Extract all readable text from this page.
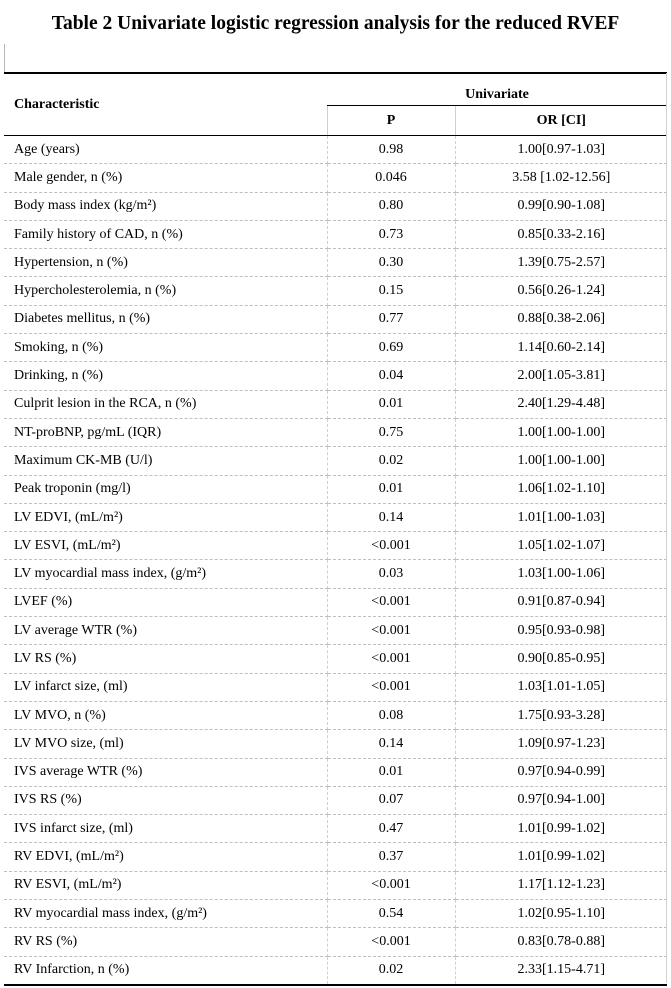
Table 2 Univariate logistic regression analysis for the reduced RVEF
Characteristic	Univariate	
	P	OR [CI]
Age (years)	0.98	1.00[0.97-1.03]
Male gender, n (%)	0.046	3.58 [1.02-12.56]
Body mass index (kg/m²)	0.80	0.99[0.90-1.08]
Family history of CAD, n (%)	0.73	0.85[0.33-2.16]
Hypertension, n (%)	0.30	1.39[0.75-2.57]
Hypercholesterolemia, n (%)	0.15	0.56[0.26-1.24]
Diabetes mellitus, n (%)	0.77	0.88[0.38-2.06]
Smoking, n (%)	0.69	1.14[0.60-2.14]
Drinking, n (%)	0.04	2.00[1.05-3.81]
Culprit lesion in the RCA, n (%)	0.01	2.40[1.29-4.48]
NT-proBNP, pg/mL (IQR)	0.75	1.00[1.00-1.00]
Maximum CK-MB (U/l)	0.02	1.00[1.00-1.00]
Peak troponin (mg/l)	0.01	1.06[1.02-1.10]
LV EDVI, (mL/m²)	0.14	1.01[1.00-1.03]
LV ESVI, (mL/m²)	<0.001	1.05[1.02-1.07]
LV myocardial mass index, (g/m²)	0.03	1.03[1.00-1.06]
LVEF (%)	<0.001	0.91[0.87-0.94]
LV average WTR (%)	<0.001	0.95[0.93-0.98]
LV RS (%)	<0.001	0.90[0.85-0.95]
LV infarct size, (ml)	<0.001	1.03[1.01-1.05]
LV MVO, n (%)	0.08	1.75[0.93-3.28]
LV MVO size, (ml)	0.14	1.09[0.97-1.23]
IVS average WTR (%)	0.01	0.97[0.94-0.99]
IVS RS (%)	0.07	0.97[0.94-1.00]
IVS infarct size, (ml)	0.47	1.01[0.99-1.02]
RV EDVI, (mL/m²)	0.37	1.01[0.99-1.02]
RV ESVI, (mL/m²)	<0.001	1.17[1.12-1.23]
RV myocardial mass index, (g/m²)	0.54	1.02[0.95-1.10]
RV RS (%)	<0.001	0.83[0.78-0.88]
RV Infarction, n (%)	0.02	2.33[1.15-4.71]
